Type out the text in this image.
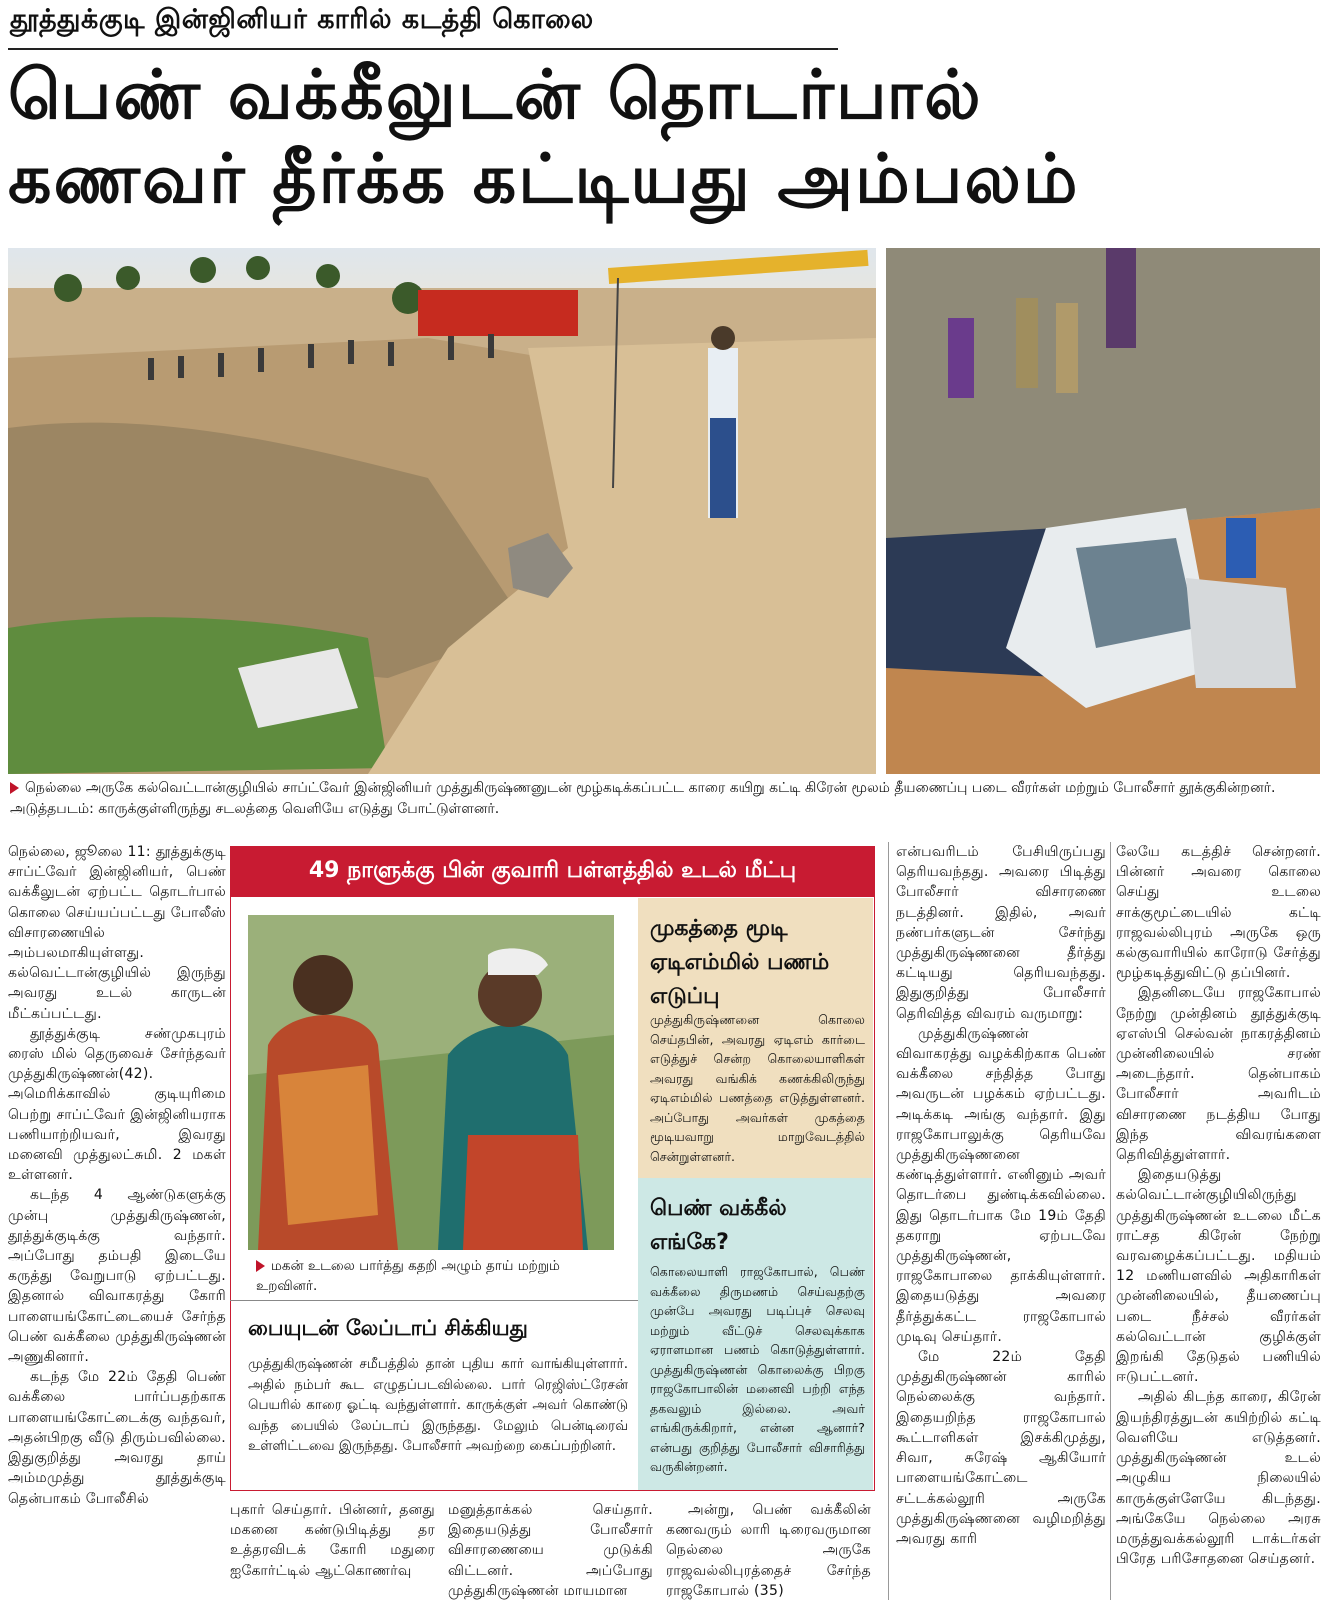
தூத்துக்குடி இன்ஜினியர் காரில் கடத்தி கொலை
பெண் வக்கீலுடன் தொடர்பால்
கணவர் தீர்க்க கட்டியது அம்பலம்
நெல்லை அருகே கல்வெட்டான்குழியில் சாப்ட்வேர் இன்ஜினியர் முத்துகிருஷ்ணனுடன் மூழ்கடிக்கப்பட்ட காரை கயிறு கட்டி கிரேன் மூலம் தீயணைப்பு படை வீரர்கள் மற்றும் போலீசார் தூக்குகின்றனர். அடுத்தபடம்: காருக்குள்ளிருந்து சடலத்தை வெளியே எடுத்து போட்டுள்ளனர்.

நெல்லை, ஜூலை 11: தூத்துக்குடி சாப்ட்வேர் இன்ஜினியர், பெண் வக்கீலுடன் ஏற்பட்ட தொடர்பால் கொலை செய்யப்பட்டது போலீஸ் விசாரணையில் அம்பலமாகியுள்ளது. கல்வெட்டான்குழியில் இருந்து அவரது உடல் காருடன் மீட்கப்பட்டது.

தூத்துக்குடி சண்முகபுரம் ரைஸ் மில் தெருவைச் சேர்ந்தவர் முத்துகிருஷ்ணன்(42). அமெரிக்காவில் குடியுரிமை பெற்று சாப்ட்வேர் இன்ஜினியராக பணியாற்றியவர், இவரது மனைவி முத்துலட்சுமி. 2 மகள் உள்ளனர்.

கடந்த 4 ஆண்டுகளுக்கு முன்பு முத்துகிருஷ்ணன், தூத்துக்குடிக்கு வந்தார். அப்போது தம்பதி இடையே கருத்து வேறுபாடு ஏற்பட்டது. இதனால் விவாகரத்து கோரி பாளையங்கோட்டையைச் சேர்ந்த பெண் வக்கீலை முத்துகிருஷ்ணன் அணுகினார்.

கடந்த மே 22ம் தேதி பெண் வக்கீலை பார்ப்பதற்காக பாளையங்கோட்டைக்கு வந்தவர், அதன்பிறகு வீடு திரும்பவில்லை. இதுகுறித்து அவரது தாய் அம்மமுத்து தூத்துக்குடி தென்பாகம் போலீசில்

49 நாளுக்கு பின் குவாரி பள்ளத்தில் உடல் மீட்பு
மகன் உடலை பார்த்து கதறி அழும் தாய் மற்றும் உறவினர்.
பையுடன் லேப்டாப் சிக்கியது
முத்துகிருஷ்ணன் சமீபத்தில் தான் புதிய கார் வாங்கியுள்ளார். அதில் நம்பர் கூட எழுதப்படவில்லை. பார் ரெஜிஸ்ட்ரேசன் பெயரில் காரை ஓட்டி வந்துள்ளார். காருக்குள் அவர் கொண்டு வந்த பையில் லேப்டாப் இருந்தது. மேலும் பென்டிரைவ் உள்ளிட்டவை இருந்தது. போலீசார் அவற்றை கைப்பற்றினர்.
முகத்தை மூடி ஏடிஎம்மில் பணம் எடுப்பு
முத்துகிருஷ்ணனை கொலை செய்தபின், அவரது ஏடிஎம் கார்டை எடுத்துச் சென்ற கொலையாளிகள் அவரது வங்கிக் கணக்கிலிருந்து ஏடிஎம்மில் பணத்தை எடுத்துள்ளனர். அப்போது அவர்கள் முகத்தை மூடியவாறு மாறுவேடத்தில் சென்றுள்ளனர்.
பெண் வக்கீல் எங்கே?
கொலையாளி ராஜகோபால், பெண் வக்கீலை திருமணம் செய்வதற்கு முன்பே அவரது படிப்புச் செலவு மற்றும் வீட்டுச் செலவுக்காக ஏராளமான பணம் கொடுத்துள்ளார். முத்துகிருஷ்ணன் கொலைக்கு பிறகு ராஜகோபாலின் மனைவி பற்றி எந்த தகவலும் இல்லை. அவர் எங்கிருக்கிறார், என்ன ஆனார்? என்பது குறித்து போலீசார் விசாரித்து வருகின்றனர்.

புகார் செய்தார். பின்னர், தனது மகனை கண்டுபிடித்து தர உத்தரவிடக் கோரி மதுரை ஐகோர்ட்டில் ஆட்கொணர்வு

மனுத்தாக்கல் செய்தார். இதையடுத்து போலீசார் விசாரணையை முடுக்கி விட்டனர். அப்போது முத்துகிருஷ்ணன் மாயமான

அன்று, பெண் வக்கீலின் கணவரும் லாரி டிரைவருமான நெல்லை அருகே ராஜவல்லிபுரத்தைச் சேர்ந்த ராஜகோபால் (35)

என்பவரிடம் பேசியிருப்பது தெரியவந்தது. அவரை பிடித்து போலீசார் விசாரணை நடத்தினர். இதில், அவர் நண்பர்களுடன் சேர்ந்து முத்துகிருஷ்ணனை தீர்த்து கட்டியது தெரியவந்தது. இதுகுறித்து போலீசார் தெரிவித்த விவரம் வருமாறு:

முத்துகிருஷ்ணன் விவாகரத்து வழக்கிற்காக பெண் வக்கீலை சந்தித்த போது அவருடன் பழக்கம் ஏற்பட்டது. அடிக்கடி அங்கு வந்தார். இது ராஜகோபாலுக்கு தெரியவே முத்துகிருஷ்ணனை கண்டித்துள்ளார். எனினும் அவர் தொடர்பை துண்டிக்கவில்லை. இது தொடர்பாக மே 19ம் தேதி தகராறு ஏற்படவே முத்துகிருஷ்ணன், ராஜகோபாலை தாக்கியுள்ளார். இதையடுத்து அவரை தீர்த்துக்கட்ட ராஜகோபால் முடிவு செய்தார்.

மே 22ம் தேதி முத்துகிருஷ்ணன் காரில் நெல்லைக்கு வந்தார். இதையறிந்த ராஜகோபால் கூட்டாளிகள் இசக்கிமுத்து, சிவா, சுரேஷ் ஆகியோர் பாளையங்கோட்டை சட்டக்கல்லூரி அருகே முத்துகிருஷ்ணனை வழிமறித்து அவரது காரி

லேயே கடத்திச் சென்றனர். பின்னர் அவரை கொலை செய்து உடலை சாக்குமூட்டையில் கட்டி ராஜவல்லிபுரம் அருகே ஒரு கல்குவாரியில் காரோடு சேர்த்து மூழ்கடித்துவிட்டு தப்பினர்.

இதனிடையே ராஜகோபால் நேற்று முன்தினம் தூத்துக்குடி ஏஎஸ்பி செல்வன் நாகரத்தினம் முன்னிலையில் சரண் அடைந்தார். தென்பாகம் போலீசார் அவரிடம் விசாரணை நடத்திய போது இந்த விவரங்களை தெரிவித்துள்ளார்.

இதையடுத்து கல்வெட்டான்குழியிலிருந்து முத்துகிருஷ்ணன் உடலை மீட்க ராட்சத கிரேன் நேற்று வரவழைக்கப்பட்டது. மதியம் 12 மணியளவில் அதிகாரிகள் முன்னிலையில், தீயணைப்பு படை நீச்சல் வீரர்கள் கல்வெட்டான் குழிக்குள் இறங்கி தேடுதல் பணியில் ஈடுபட்டனர்.

அதில் கிடந்த காரை, கிரேன் இயந்திரத்துடன் கயிற்றில் கட்டி வெளியே எடுத்தனர். முத்துகிருஷ்ணன் உடல் அழுகிய நிலையில் காருக்குள்ளேயே கிடந்தது. அங்கேயே நெல்லை அரசு மருத்துவக்கல்லூரி டாக்டர்கள் பிரேத பரிசோதனை செய்தனர்.
